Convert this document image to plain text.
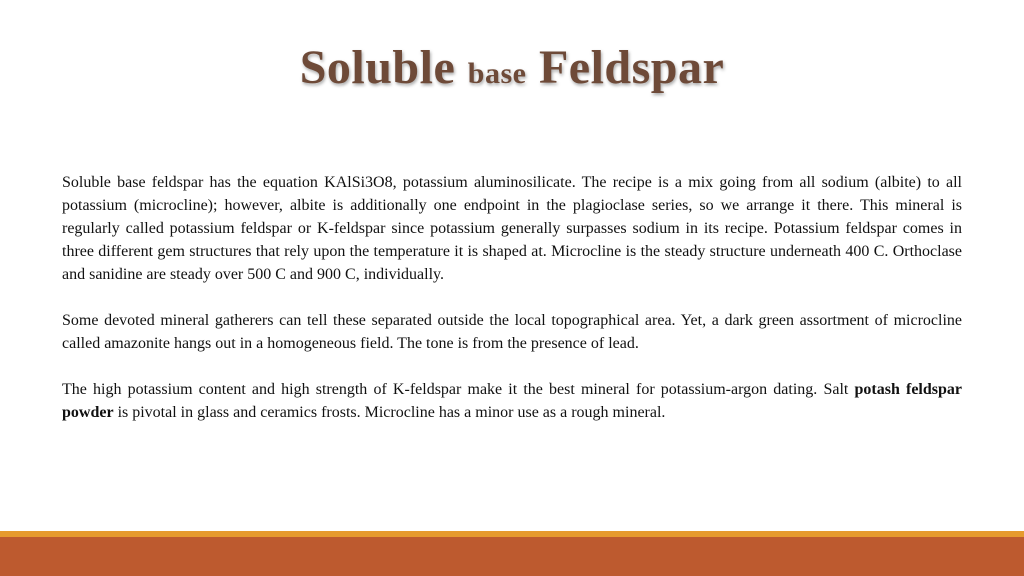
Soluble base Feldspar

Soluble base feldspar has the equation KAlSi3O8, potassium aluminosilicate. The recipe is a mix going from all sodium (albite) to all potassium (microcline); however, albite is additionally one endpoint in the plagioclase series, so we arrange it there. This mineral is regularly called potassium feldspar or K-feldspar since potassium generally surpasses sodium in its recipe. Potassium feldspar comes in three different gem structures that rely upon the temperature it is shaped at. Microcline is the steady structure underneath 400 C. Orthoclase and sanidine are steady over 500 C and 900 C, individually.

Some devoted mineral gatherers can tell these separated outside the local topographical area. Yet, a dark green assortment of microcline called amazonite hangs out in a homogeneous field. The tone is from the presence of lead.

The high potassium content and high strength of K-feldspar make it the best mineral for potassium-argon dating. Salt potash feldspar powder is pivotal in glass and ceramics frosts. Microcline has a minor use as a rough mineral.
